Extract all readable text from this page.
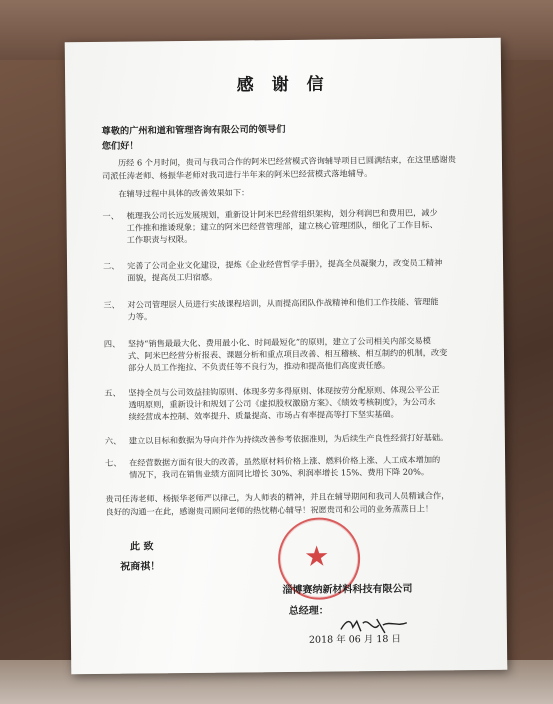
感 谢 信
尊敬的广州和道和管理咨询有限公司的领导们
您们好！
历经 6 个月时间，贵司与我司合作的阿米巴经营模式咨询辅导项目已圆满结束，在这里感谢贵
司派任涛老师、杨振华老师对我司进行半年来的阿米巴经营模式落地辅导。
在辅导过程中具体的改善效果如下：
一、 梳理我公司长远发展规划，重新设计阿米巴经营组织架构，划分利润巴和费用巴，减少
工作推和推诿现象；建立的阿米巴经营管理部，建立核心管理团队，细化了工作目标、
工作职责与权限。
二、 完善了公司企业文化建设，提炼《企业经营哲学手册》，提高全员凝聚力，改变员工精神
面貌，提高员工归宿感。
三、 对公司管理层人员进行实战课程培训，从而提高团队作战精神和他们工作技能、管理能
力等。
四、 坚持“销售最最大化、费用最小化、时间最短化”的原则，建立了公司相关内部交易模
式、阿米巴经营分析报表、课题分析和重点项目改善、相互稽核、相互制约的机制，改变
部分人员工作拖拉、不负责任等不良行为，推动和提高他们高度责任感。
五、 坚持全员与公司效益挂钩原则、体现多劳多得原则、体现按劳分配原则、体现公平公正
透明原则，重新设计和规划了公司《虚拟股权激励方案》、《绩效考核制度》，为公司永
续经营成本控制、效率提升、质量提高、市场占有率提高等打下坚实基础。
六、 建立以目标和数据为导向并作为持续改善参考依据准则，为后续生产良性经营打好基础。
七、 在经营数据方面有很大的改善，虽然原材料价格上涨、燃料价格上涨、人工成本增加的
情况下，我司在销售业绩方面同比增长 30%、利润率增长 15%、费用下降 20%。
贵司任涛老师、杨振华老师严以律己，为人师表的精神，并且在辅导期间和我司人员精诚合作，
良好的沟通一在此，感谢贵司顾问老师的热忱精心辅导！祝愿贵司和公司的业务蒸蒸日上！
此 致
祝商祺！	★
淄博赛纳新材料科技有限公司
总经理：
2018 年 06 月 18 日
